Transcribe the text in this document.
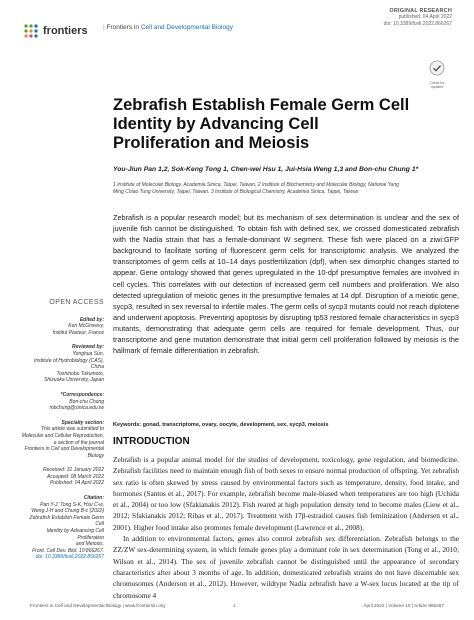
frontiers | Frontiers in Cell and Developmental Biology
ORIGINAL RESEARCH
published: 04 April 2022
doi: 10.3389/fcell.2022.866267
Check for
updates
Zebrafish Establish Female Germ Cell Identity by Advancing Cell Proliferation and Meiosis
You-Jiun Pan 1,2, Sok-Keng Tong 1, Chen-wei Hsu 1, Jui-Hsia Weng 1,3 and Bon-chu Chung 1*
1 Institute of Molecular Biology, Academia Sinica, Taipei, Taiwan, 2 Institute of Biochemistry and Molecular Biology, National Yang
Ming Chiao Tung University, Taipei, Taiwan, 3 Institute of Biological Chemistry, Academia Sinica, Taipei, Taiwan

Zebrafish is a popular research model; but its mechanism of sex determination is unclear and the sex of juvenile fish cannot be distinguished. To obtain fish with defined sex, we crossed domesticated zebrafish with the Nadia strain that has a female-dominant W segment. These fish were placed on a ziwi:GFP background to facilitate sorting of fluorescent germ cells for transcriptomic analysis. We analyzed the transcriptomes of germ cells at 10–14 days postfertilization (dpf), when sex dimorphic changes started to appear. Gene ontology showed that genes upregulated in the 10-dpf presumptive females are involved in cell cycles. This correlates with our detection of increased germ cell numbers and proliferation. We also detected upregulation of meiotic genes in the presumptive females at 14 dpf. Disruption of a meiotic gene, sycp3, resulted in sex reversal to infertile males. The germ cells of sycp3 mutants could not reach diplotene and underwent apoptosis. Preventing apoptosis by disrupting tp53 restored female characteristics in sycp3 mutants, demonstrating that adequate germ cells are required for female development. Thus, our transcriptome and gene mutation demonstrate that initial germ cell proliferation followed by meiosis is the hallmark of female differentiation in zebrafish.

Keywords: gonad, transcriptome, ovary, oocyte, development, sex, sycp3, meiosis
OPEN ACCESS
Edited by:
Ken McGrreevy,
Institut Pasteur, France
Reviewed by:
Yonghua Sun,
Institute of Hydrobiology (CAS), China
Toshinobu Tokumoto,
Shizuoka University, Japan
*Correspondence:
Bon-chu Chung
mbchung@sinica.edu.tw
Specialty section:
This article was submitted to
Molecular and Cellular Reproduction,
a section of the journal
Frontiers in Cell and Developmental
Biology
Received: 31 January 2022
Accepted: 08 March 2022
Published: 04 April 2022
Citation:
Pan Y-J, Tong S-K, Hsu C-w,
Weng J-H and Chung B-c (2022)
Zebrafish Establish Female Germ Cell
Identity by Advancing Cell Proliferation
and Meiosis.
Front. Cell Dev. Biol. 10:866267.
doi: 10.3389/fcell.2022.866267
INTRODUCTION

Zebrafish is a popular animal model for the studies of development, toxicology, gene regulation, and biomedicine. Zebrafish facilities need to maintain enough fish of both sexes to ensure normal production of offspring. Yet zebrafish sex ratio is often skewed by stress caused by environmental factors such as temperature, density, food intake, and hormones (Santos et al., 2017). For example, zebrafish become male-biased when temperatures are too high (Uchida et al., 2004) or too low (Sfakianakis 2012). Fish reared at high population density tend to become males (Liew et al., 2012; Sfakianakis 2012; Ribas et al., 2017). Treatment with 17β-estradiol causes fish feminization (Andersen et al., 2001). Higher food intake also promotes female development (Lawrence et al., 2008).

In addition to environmental factors, genes also control zebrafish sex differentiation. Zebrafish belongs to the ZZ/ZW sex-determining system, in which female genes play a dominant role in sex determination (Tong et al., 2010; Wilson et al., 2014). The sex of juvenile zebrafish cannot be distinguished until the appearance of secondary characteristics after about 3 months of age. In addition, domesticated zebrafish strains do not have discernable sex chromosomes (Anderson et al., 2012). However, wildtype Nadia zebrafish have a W-sex locus located at the tip of chromosome 4

Frontiers in Cell and Developmental Biology | www.frontiersin.org	1	April 2022 | Volume 10 | Article 866267
